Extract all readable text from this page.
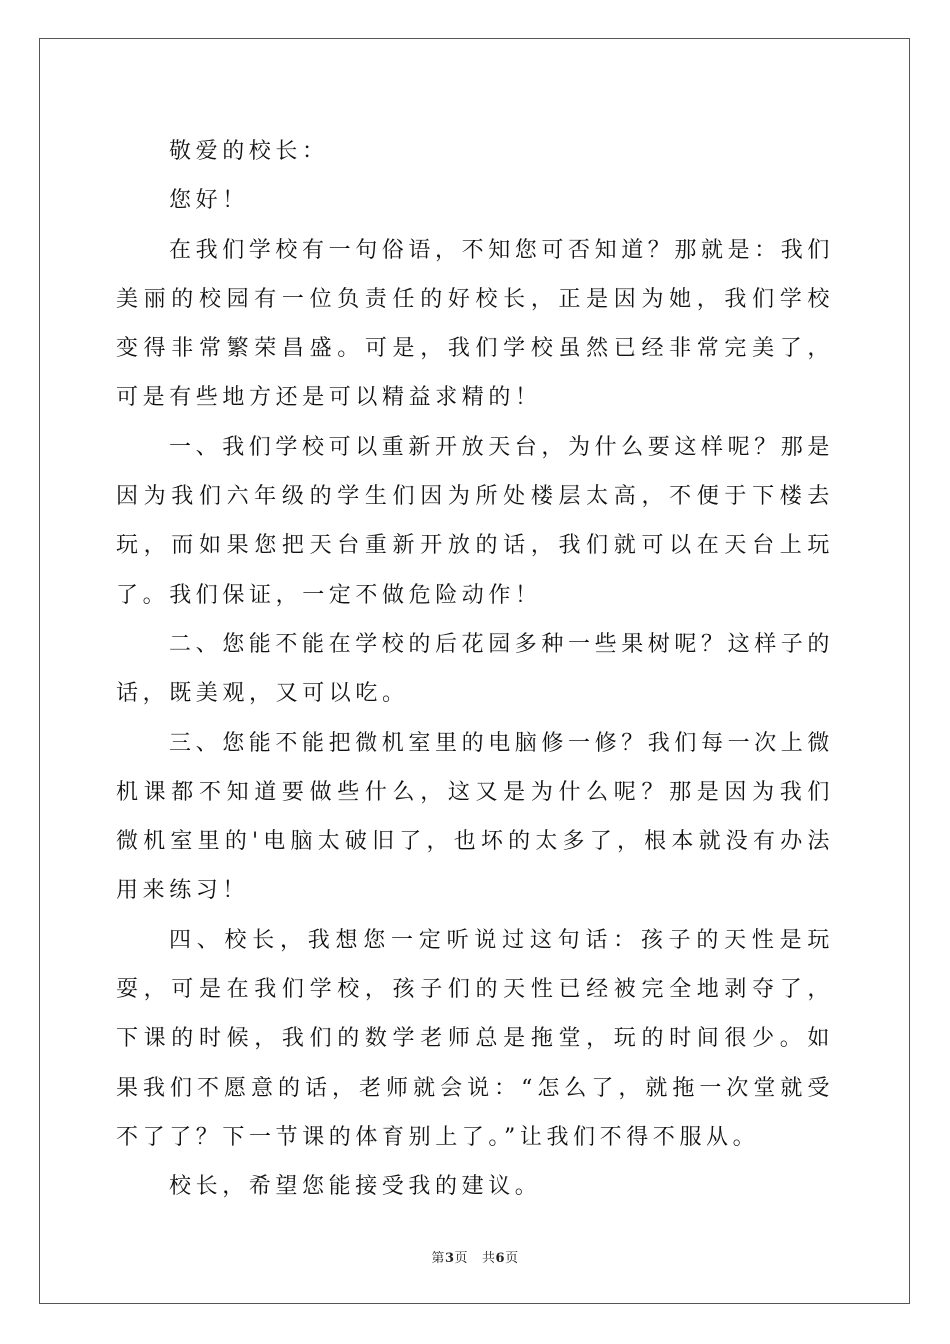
敬爱的校长：

您好！

在我们学校有一句俗语，不知您可否知道？那就是：我们美丽的校园有一位负责任的好校长，正是因为她，我们学校变得非常繁荣昌盛。可是，我们学校虽然已经非常完美了，可是有些地方还是可以精益求精的！

一、我们学校可以重新开放天台，为什么要这样呢？那是因为我们六年级的学生们因为所处楼层太高，不便于下楼去玩，而如果您把天台重新开放的话，我们就可以在天台上玩了。我们保证，一定不做危险动作！

二、您能不能在学校的后花园多种一些果树呢？这样子的话，既美观，又可以吃。

三、您能不能把微机室里的电脑修一修？我们每一次上微机课都不知道要做些什么，这又是为什么呢？那是因为我们微机室里的'电脑太破旧了，也坏的太多了，根本就没有办法用来练习！

四、校长，我想您一定听说过这句话：孩子的天性是玩耍，可是在我们学校，孩子们的天性已经被完全地剥夺了，下课的时候，我们的数学老师总是拖堂，玩的时间很少。如果我们不愿意的话，老师就会说：“怎么了，就拖一次堂就受不了了？下一节课的体育别上了。”让我们不得不服从。

校长，希望您能接受我的建议。

第3页 共6页
